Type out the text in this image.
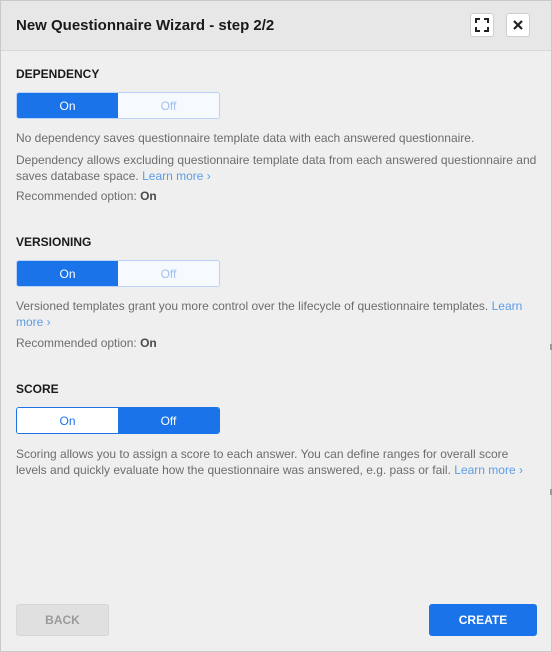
New Questionnaire Wizard - step 2/2
DEPENDENCY
On	Off
No dependency saves questionnaire template data with each answered questionnaire.
Dependency allows excluding questionnaire template data from each answered questionnaire and saves database space. Learn more ›
Recommended option: On
VERSIONING
On	Off
Versioned templates grant you more control over the lifecycle of questionnaire templates. Learn more ›
Recommended option: On
SCORE
On	Off
Scoring allows you to assign a score to each answer. You can define ranges for overall score levels and quickly evaluate how the questionnaire was answered, e.g. pass or fail. Learn more ›
BACK	CREATE
